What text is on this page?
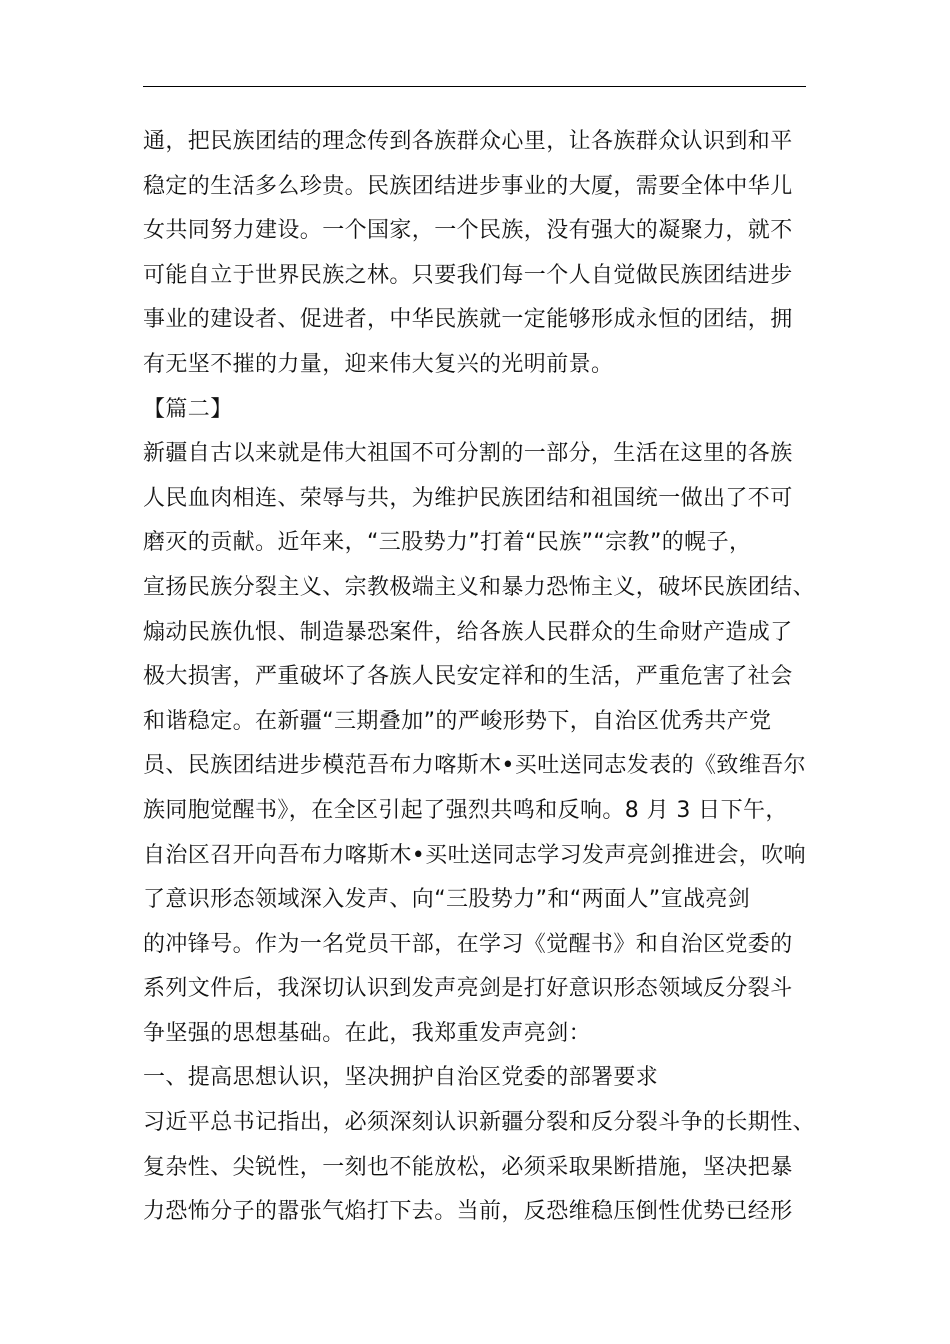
通，把民族团结的理念传到各族群众心里，让各族群众认识到和平
稳定的生活多么珍贵。民族团结进步事业的大厦，需要全体中华儿
女共同努力建设。一个国家，一个民族，没有强大的凝聚力，就不
可能自立于世界民族之林。只要我们每一个人自觉做民族团结进步
事业的建设者、促进者，中华民族就一定能够形成永恒的团结，拥
有无坚不摧的力量，迎来伟大复兴的光明前景。
【篇二】
新疆自古以来就是伟大祖国不可分割的一部分，生活在这里的各族
人民血肉相连、荣辱与共，为维护民族团结和祖国统一做出了不可
磨灭的贡献。近年来，“三股势力”打着“民族”“宗教”的幌子，
宣扬民族分裂主义、宗教极端主义和暴力恐怖主义，破坏民族团结、
煽动民族仇恨、制造暴恐案件，给各族人民群众的生命财产造成了
极大损害，严重破坏了各族人民安定祥和的生活，严重危害了社会
和谐稳定。在新疆“三期叠加”的严峻形势下，自治区优秀共产党
员、民族团结进步模范吾布力喀斯木•买吐送同志发表的《致维吾尔
族同胞觉醒书》，在全区引起了强烈共鸣和反响。8 月 3 日下午，
自治区召开向吾布力喀斯木•买吐送同志学习发声亮剑推进会，吹响
了意识形态领域深入发声、向“三股势力”和“两面人”宣战亮剑
的冲锋号。作为一名党员干部，在学习《觉醒书》和自治区党委的
系列文件后，我深切认识到发声亮剑是打好意识形态领域反分裂斗
争坚强的思想基础。在此，我郑重发声亮剑：
一、提高思想认识，坚决拥护自治区党委的部署要求
习近平总书记指出，必须深刻认识新疆分裂和反分裂斗争的长期性、
复杂性、尖锐性，一刻也不能放松，必须采取果断措施，坚决把暴
力恐怖分子的嚣张气焰打下去。当前，反恐维稳压倒性优势已经形
